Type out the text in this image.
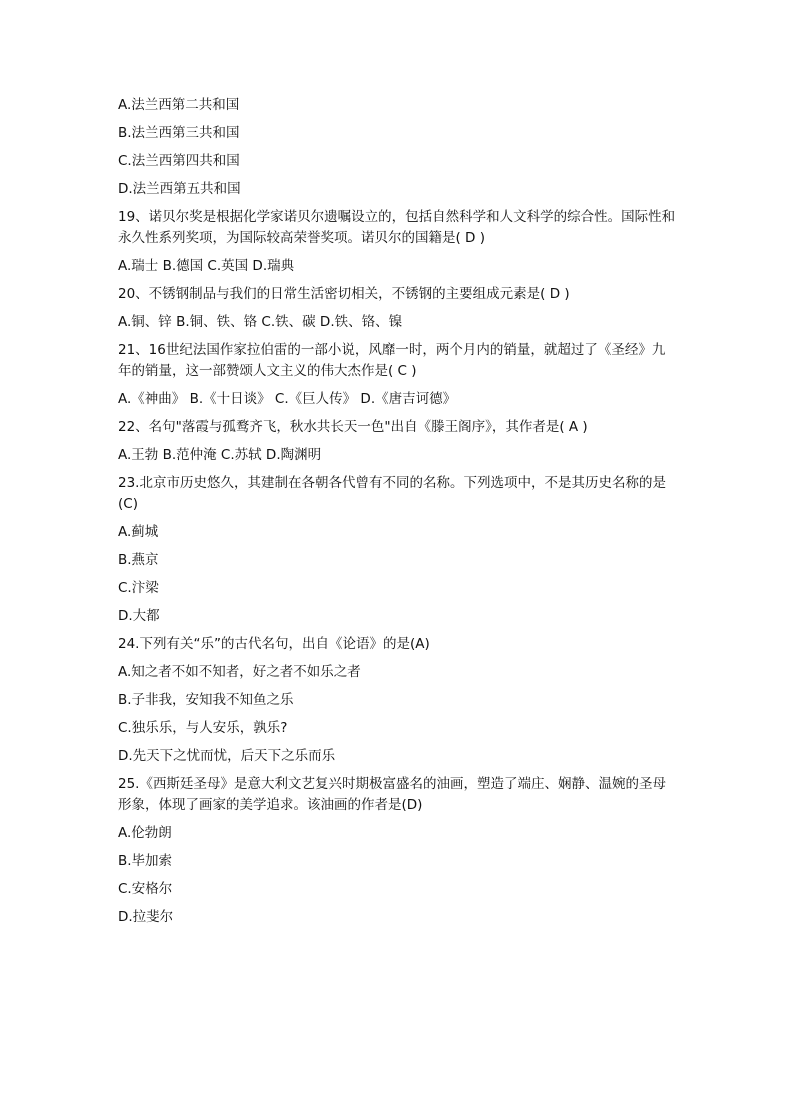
A.法兰西第二共和国

B.法兰西第三共和国

C.法兰西第四共和国

D.法兰西第五共和国

19、诺贝尔奖是根据化学家诺贝尔遗嘱设立的，包括自然科学和人文科学的综合性。国际性和永久性系列奖项，为国际较高荣誉奖项。诺贝尔的国籍是( D )

A.瑞士 B.德国 C.英国 D.瑞典

20、不锈钢制品与我们的日常生活密切相关，不锈钢的主要组成元素是( D )

A.铜、锌 B.铜、铁、铬 C.铁、碳 D.铁、铬、镍

21、16世纪法国作家拉伯雷的一部小说，风靡一时，两个月内的销量，就超过了《圣经》九年的销量，这一部赞颂人文主义的伟大杰作是( C )

A.《神曲》 B.《十日谈》 C.《巨人传》 D.《唐吉诃德》

22、名句"落霞与孤鹜齐飞，秋水共长天一色"出自《滕王阁序》，其作者是( A )

A.王勃 B.范仲淹 C.苏轼 D.陶渊明

23.北京市历史悠久，其建制在各朝各代曾有不同的名称。下列选项中，不是其历史名称的是(C)

A.蓟城

B.燕京

C.汴梁

D.大都

24.下列有关“乐”的古代名句，出自《论语》的是(A)

A.知之者不如不知者，好之者不如乐之者

B.子非我，安知我不知鱼之乐

C.独乐乐，与人安乐，孰乐?

D.先天下之忧而忧，后天下之乐而乐

25.《西斯廷圣母》是意大利文艺复兴时期极富盛名的油画，塑造了端庄、娴静、温婉的圣母形象，体现了画家的美学追求。该油画的作者是(D)

A.伦勃朗

B.毕加索

C.安格尔

D.拉斐尔
